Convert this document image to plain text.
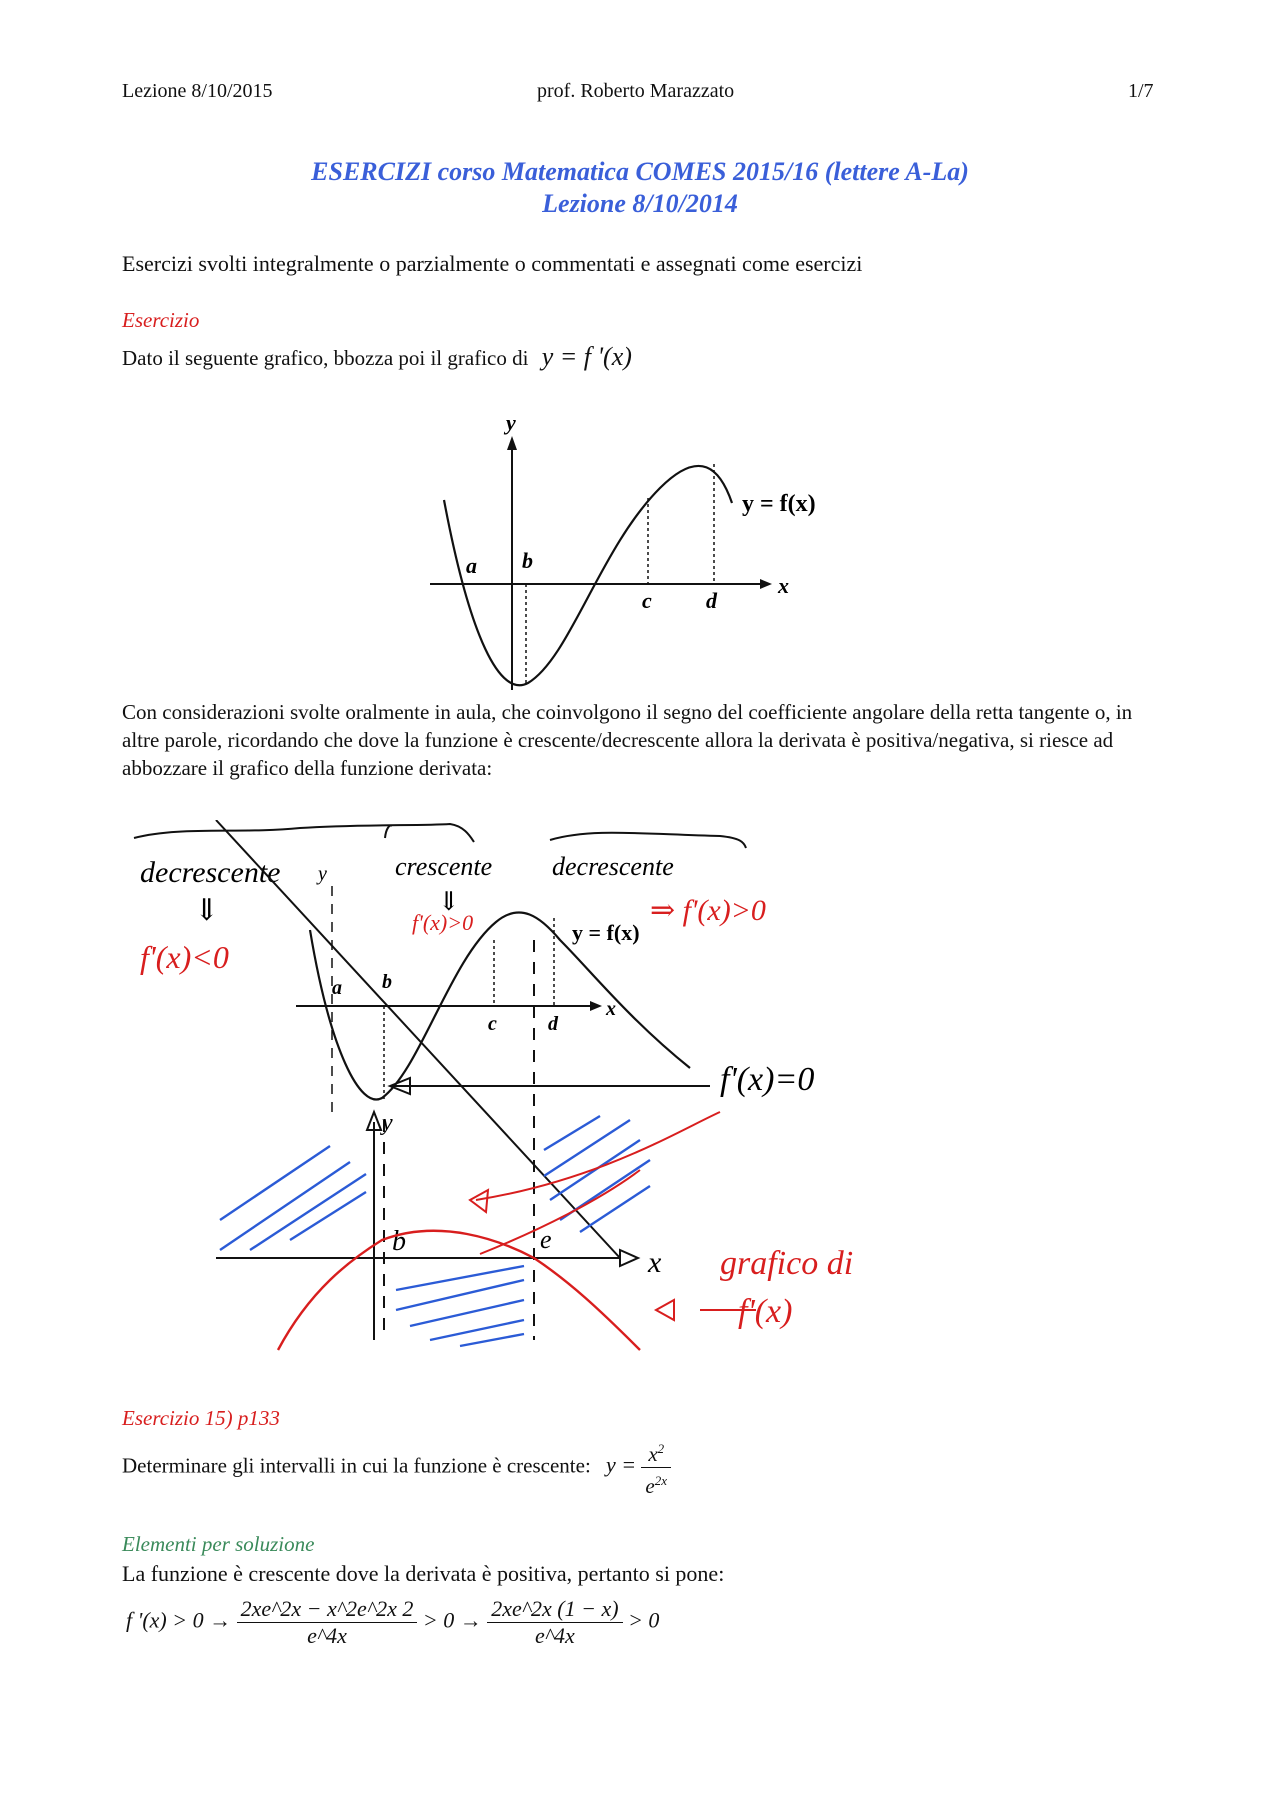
Lezione 8/10/2015	prof. Roberto Marazzato	1/7
ESERCIZI corso Matematica COMES 2015/16 (lettere A-La)
Lezione 8/10/2014
Esercizi svolti integralmente o parzialmente o commentati e assegnati come esercizi
Esercizio
Dato il seguente grafico, bbozza poi il grafico di y = f '(x)
y
x
y = f(x)
a b
c d
Con considerazioni svolte oralmente in aula, che coinvolgono il segno del coefficiente angolare della retta tangente o, in altre parole, ricordando che dove la funzione è crescente/decrescente allora la derivata è positiva/negativa, si riesce ad abbozzare il grafico della funzione derivata:
decrescente	crescente decrescente
⇓	⇓
f'(x)<0
f'(x)>0	⇒ f'(x)>0
f'(x)=0
y
x
y = f(x)
a b
c	d
y
x
b	e
grafico di
f'(x)
Esercizio 15) p133
Determinare gli intervalli in cui la funzione è crescente: $y = \frac{x^2}{e^{2x}}$
Elementi per soluzione
La funzione è crescente dove la derivata è positiva, pertanto si pone:
f '$(x) > 0 \to \frac{2xe\^{}2x - x\^{}2e\^{}2x 2}{e\^{}4x} > 0 \to \frac{2xe\^{}2x (1 - x)}{e\^{}4x} > 0$
